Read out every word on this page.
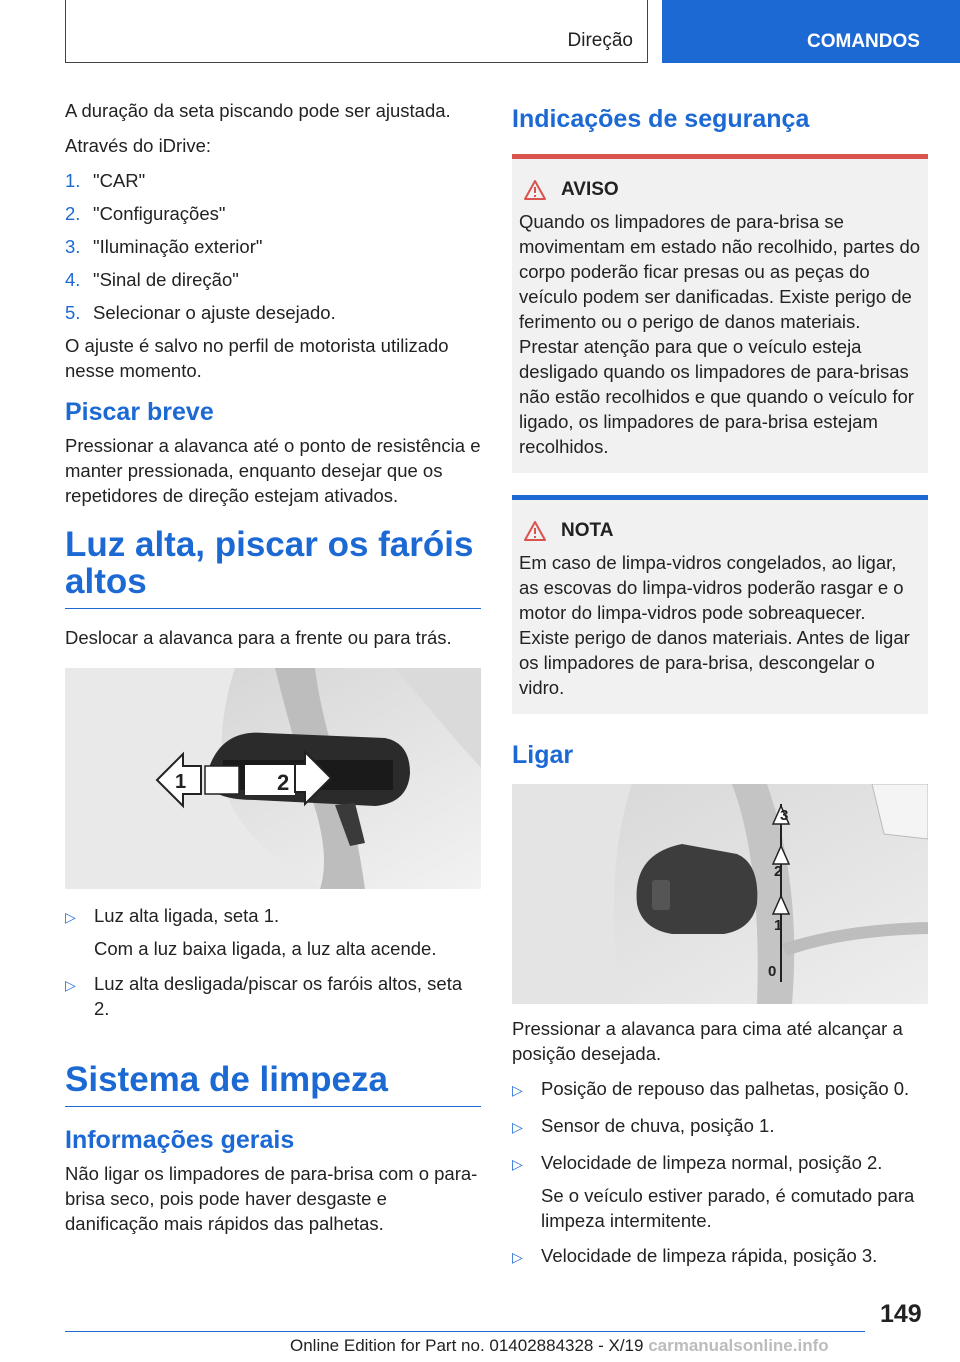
Direção	COMANDOS

A duração da seta piscando pode ser ajustada.

Através do iDrive:

1. "CAR"
2. "Configurações"
3. "Iluminação exterior"
4. "Sinal de direção"
5. Selecionar o ajuste desejado.

O ajuste é salvo no perfil de motorista utilizado nesse momento.

Piscar breve

Pressionar a alavanca até o ponto de resistência e manter pressionada, enquanto desejar que os repetidores de direção estejam ativados.

Luz alta, piscar os faróis altos

Deslocar a alavanca para a frente ou para trás.

1	2
▷ Luz alta ligada, seta 1.

Com a luz baixa ligada, a luz alta acende.

▷ Luz alta desligada/piscar os faróis altos, seta 2.
Sistema de limpeza
Informações gerais

Não ligar os limpadores de para-brisa com o para-brisa seco, pois pode haver desgaste e danificação mais rápidos das palhetas.

Indicações de segurança
AVISO

Quando os limpadores de para-brisa se movimentam em estado não recolhido, partes do corpo poderão ficar presas ou as peças do veículo podem ser danificadas. Existe perigo de ferimento ou o perigo de danos materiais. Prestar atenção para que o veículo esteja desligado quando os limpadores de para-brisas não estão recolhidos e que quando o veículo for ligado, os limpadores de para-brisa estejam recolhidos.

NOTA

Em caso de limpa-vidros congelados, ao ligar, as escovas do limpa-vidros poderão rasgar e o motor do limpa-vidros pode sobreaquecer. Existe perigo de danos materiais. Antes de ligar os limpadores de para-brisa, descongelar o vidro.

Ligar
3
2
1
0

Pressionar a alavanca para cima até alcançar a posição desejada.

▷ Posição de repouso das palhetas, posição 0.
▷ Sensor de chuva, posição 1.
▷ Velocidade de limpeza normal, posição 2.

Se o veículo estiver parado, é comutado para limpeza intermitente.

▷ Velocidade de limpeza rápida, posição 3.
149
Online Edition for Part no. 01402884328 - X/19 carmanualsonline.info
